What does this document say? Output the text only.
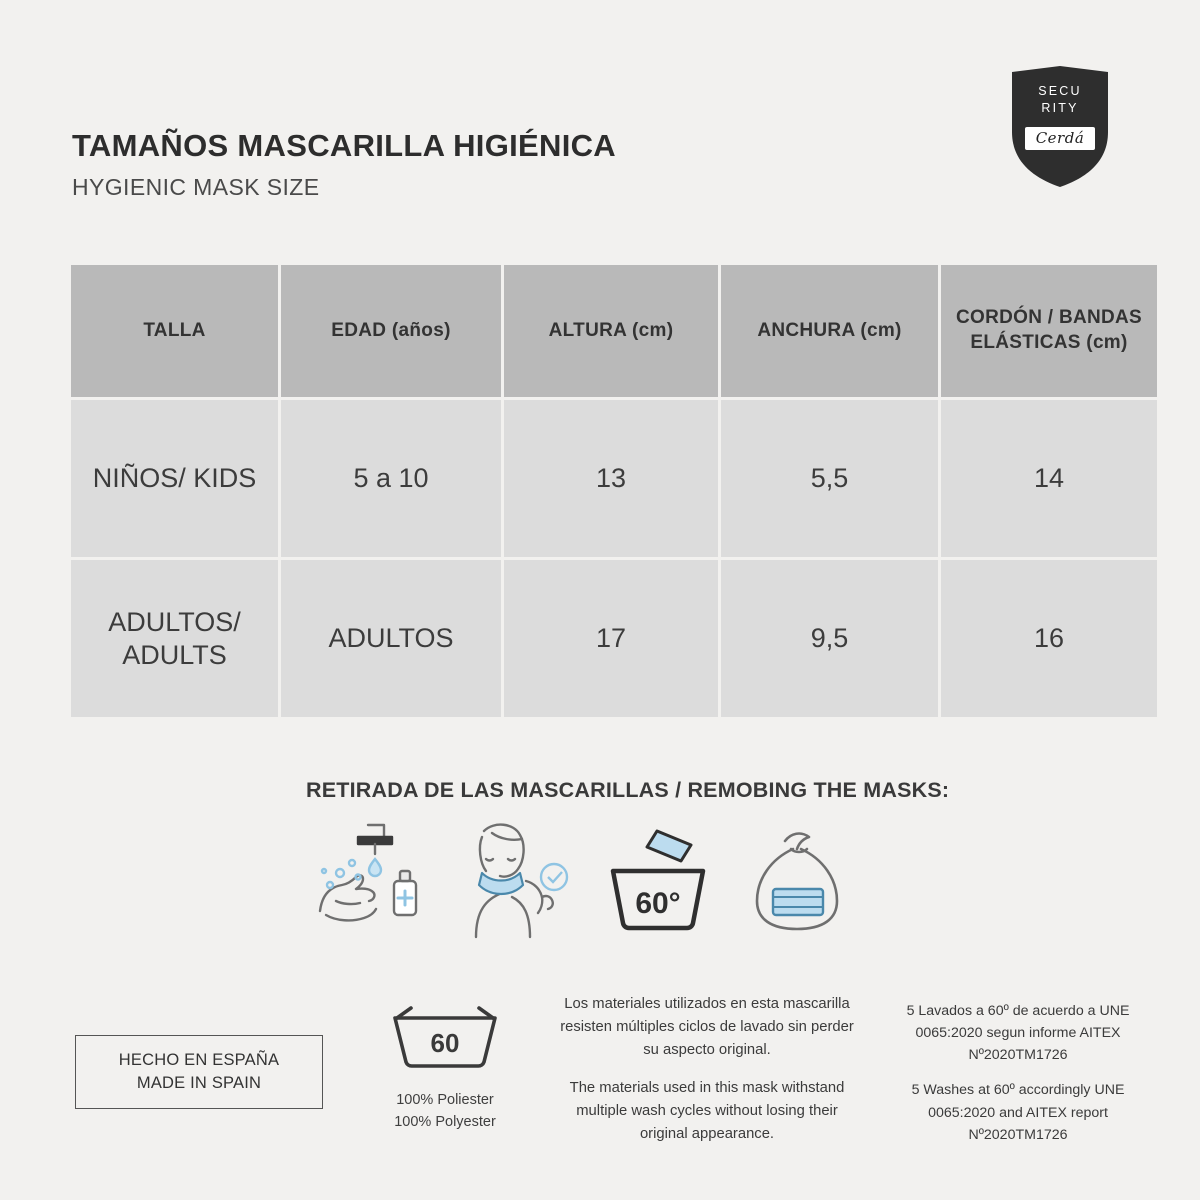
TAMAÑOS MASCARILLA HIGIÉNICA
HYGIENIC MASK SIZE
SECU
RITY
Cerdá
TALLA	EDAD (años)	ALTURA (cm)	ANCHURA (cm)	CORDÓN / BANDAS ELÁSTICAS (cm)
NIÑOS/ KIDS	5 a 10	13	5,5	14
ADULTOS/ ADULTS	ADULTOS	17	9,5	16
RETIRADA DE LAS MASCARILLAS / REMOBING THE MASKS:
60°
HECHO EN ESPAÑA
MADE IN SPAIN
60
100% Poliester
100% Polyester

Los materiales utilizados en esta mascarilla resisten múltiples ciclos de lavado sin perder su aspecto original.

The materials used in this mask withstand multiple wash cycles without losing their original appearance.

5 Lavados a 60º de acuerdo a UNE 0065:2020 segun informe AITEX Nº2020TM1726

5 Washes at 60º accordingly UNE 0065:2020 and AITEX report Nº2020TM1726
